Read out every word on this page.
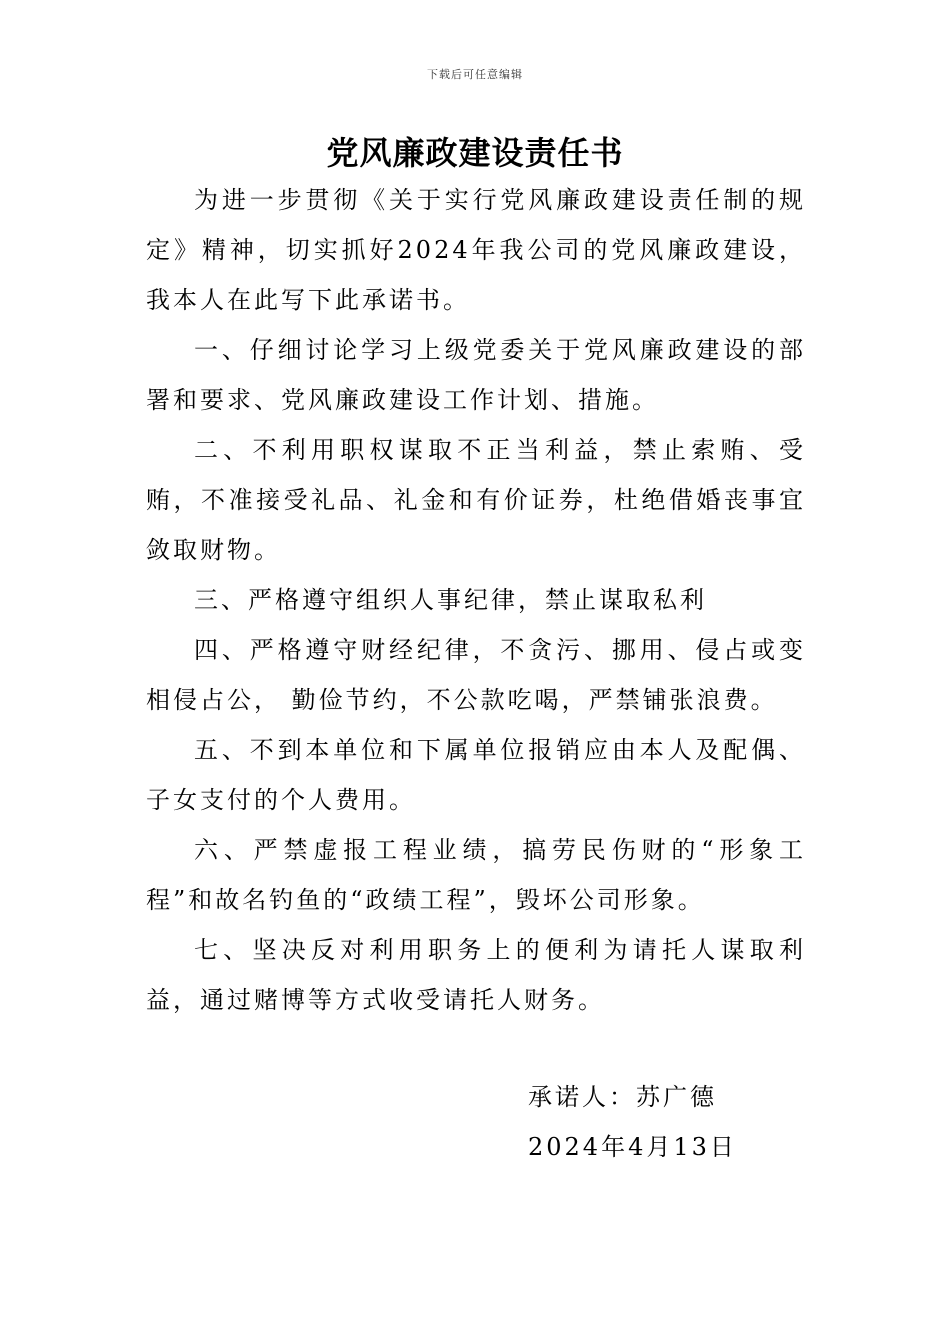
下载后可任意编辑
党风廉政建设责任书

为进一步贯彻《关于实行党风廉政建设责任制的规定》精神，切实抓好2024年我公司的党风廉政建设，我本人在此写下此承诺书。

一、仔细讨论学习上级党委关于党风廉政建设的部署和要求、党风廉政建设工作计划、措施。

二、不利用职权谋取不正当利益，禁止索贿、受贿，不准接受礼品、礼金和有价证券，杜绝借婚丧事宜敛取财物。

三、严格遵守组织人事纪律，禁止谋取私利

四、严格遵守财经纪律，不贪污、挪用、侵占或变相侵占公， 勤俭节约，不公款吃喝，严禁铺张浪费。

五、不到本单位和下属单位报销应由本人及配偶、子女支付的个人费用。

六、严禁虚报工程业绩，搞劳民伤财的“形象工程”和故名钓鱼的“政绩工程”，毁坏公司形象。

七、坚决反对利用职务上的便利为请托人谋取利益，通过赌博等方式收受请托人财务。

承诺人：苏广德
2024年4月13日
